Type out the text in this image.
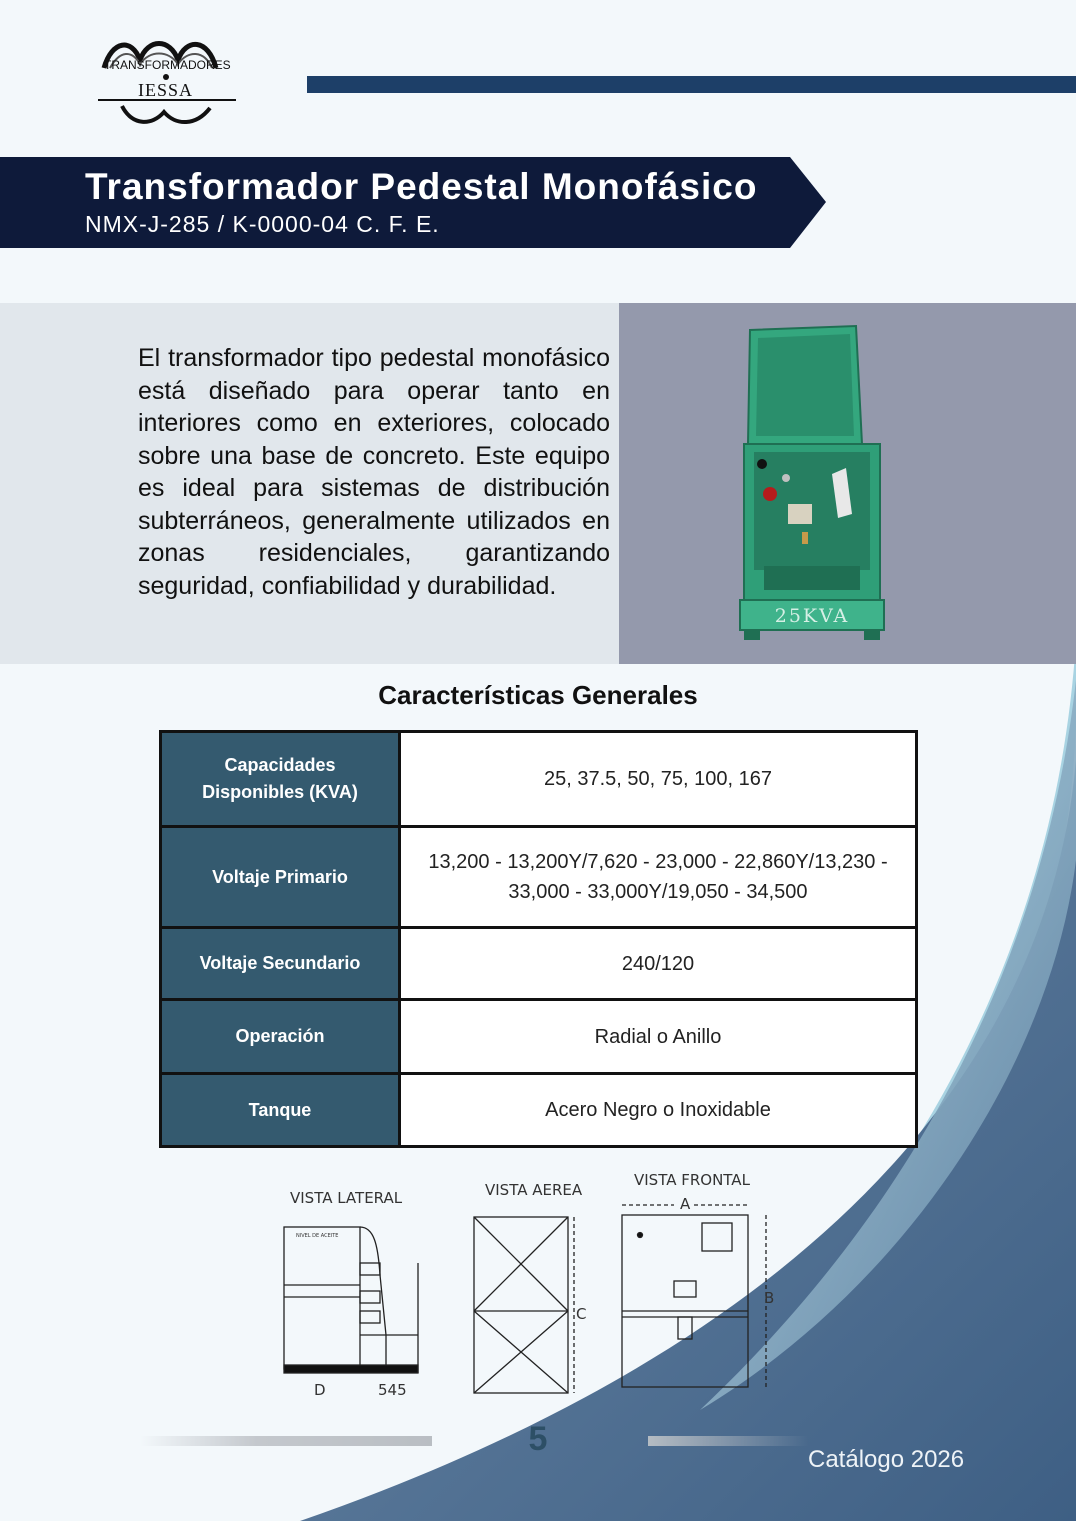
TRANSFORMADORES
IESSA
Transformador Pedestal Monofásico
NMX-J-285 / K-0000-04 C. F. E.
El transformador tipo pedestal monofásico está diseñado para operar tanto en interiores como en exteriores, colocado sobre una base de concreto. Este equipo es ideal para sistemas de distribución subterráneos, generalmente utilizados en zonas residenciales, garantizando seguridad, confiabilidad y durabilidad.
25KVA
Características Generales
Capacidades Disponibles (KVA)	25, 37.5, 50, 75, 100, 167
Voltaje Primario	13,200 - 13,200Y/7,620 - 23,000 - 22,860Y/13,230 - 33,000 - 33,000Y/19,050 - 34,500
Voltaje Secundario	240/120
Operación	Radial o Anillo
Tanque	Acero Negro o Inoxidable
VISTA LATERAL
NIVEL DE ACEITE
D	545
VISTA AEREA
C
VISTA FRONTAL
A
B
5
Catálogo 2026
